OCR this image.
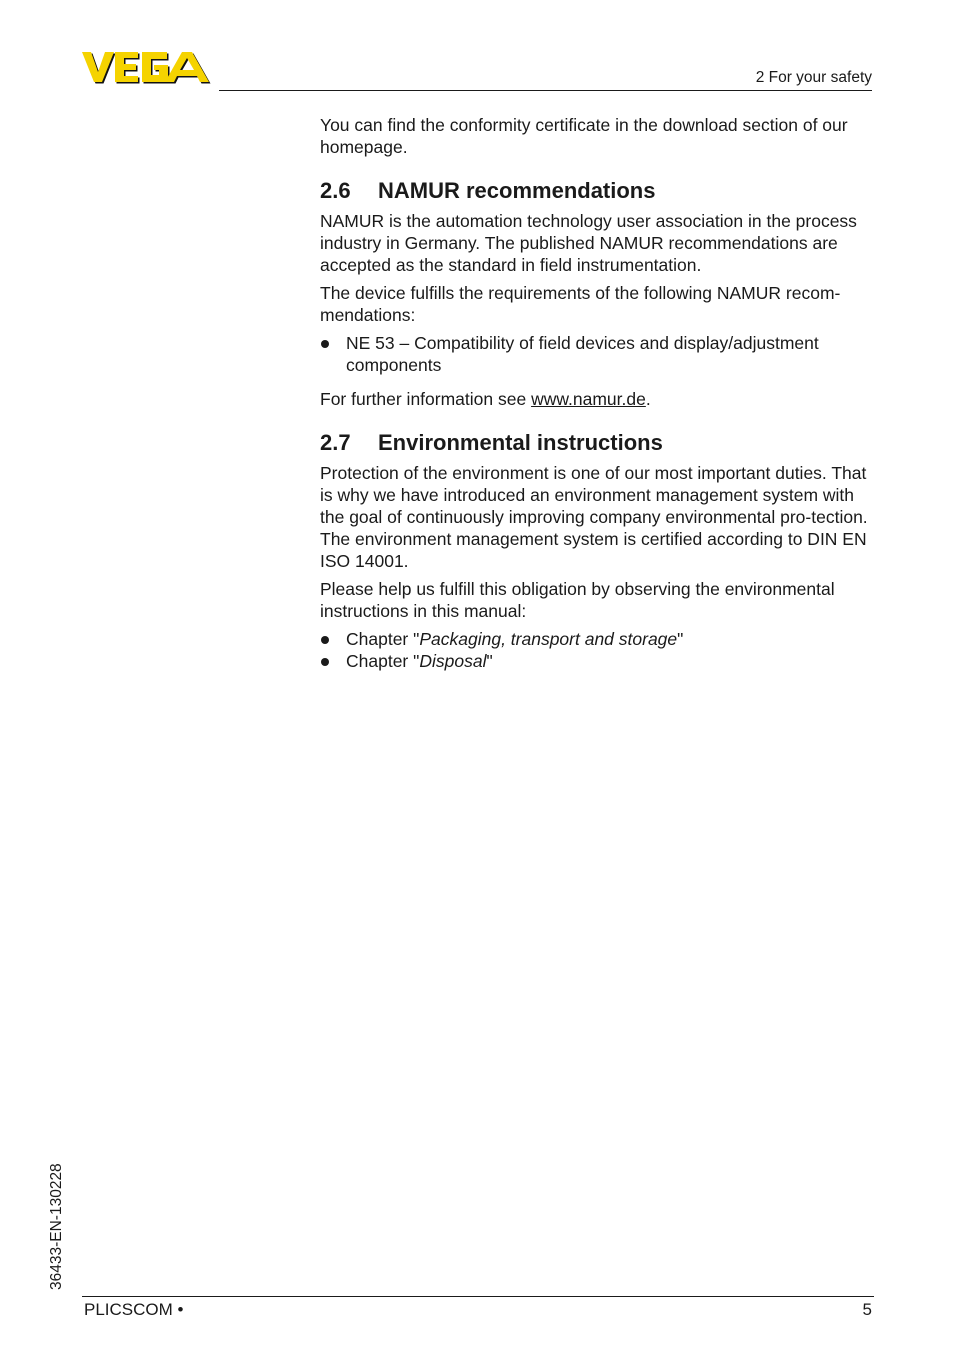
2 For your safety

You can find the conformity certificate in the download section of our homepage.

2.6 NAMUR recommendations

NAMUR is the automation technology user association in the process industry in Germany. The published NAMUR recommendations are accepted as the standard in field instrumentation.

The device fulfills the requirements of the following NAMUR recom-mendations:

NE 53 – Compatibility of field devices and display/adjustment components

For further information see www.namur.de.

2.7 Environmental instructions

Protection of the environment is one of our most important duties. That is why we have introduced an environment management system with the goal of continuously improving company environmental pro-tection. The environment management system is certified according to DIN EN ISO 14001.

Please help us fulfill this obligation by observing the environmental instructions in this manual:

Chapter "Packaging, transport and storage"
Chapter "Disposal"
36433-EN-130228
PLICSCOM •	5
